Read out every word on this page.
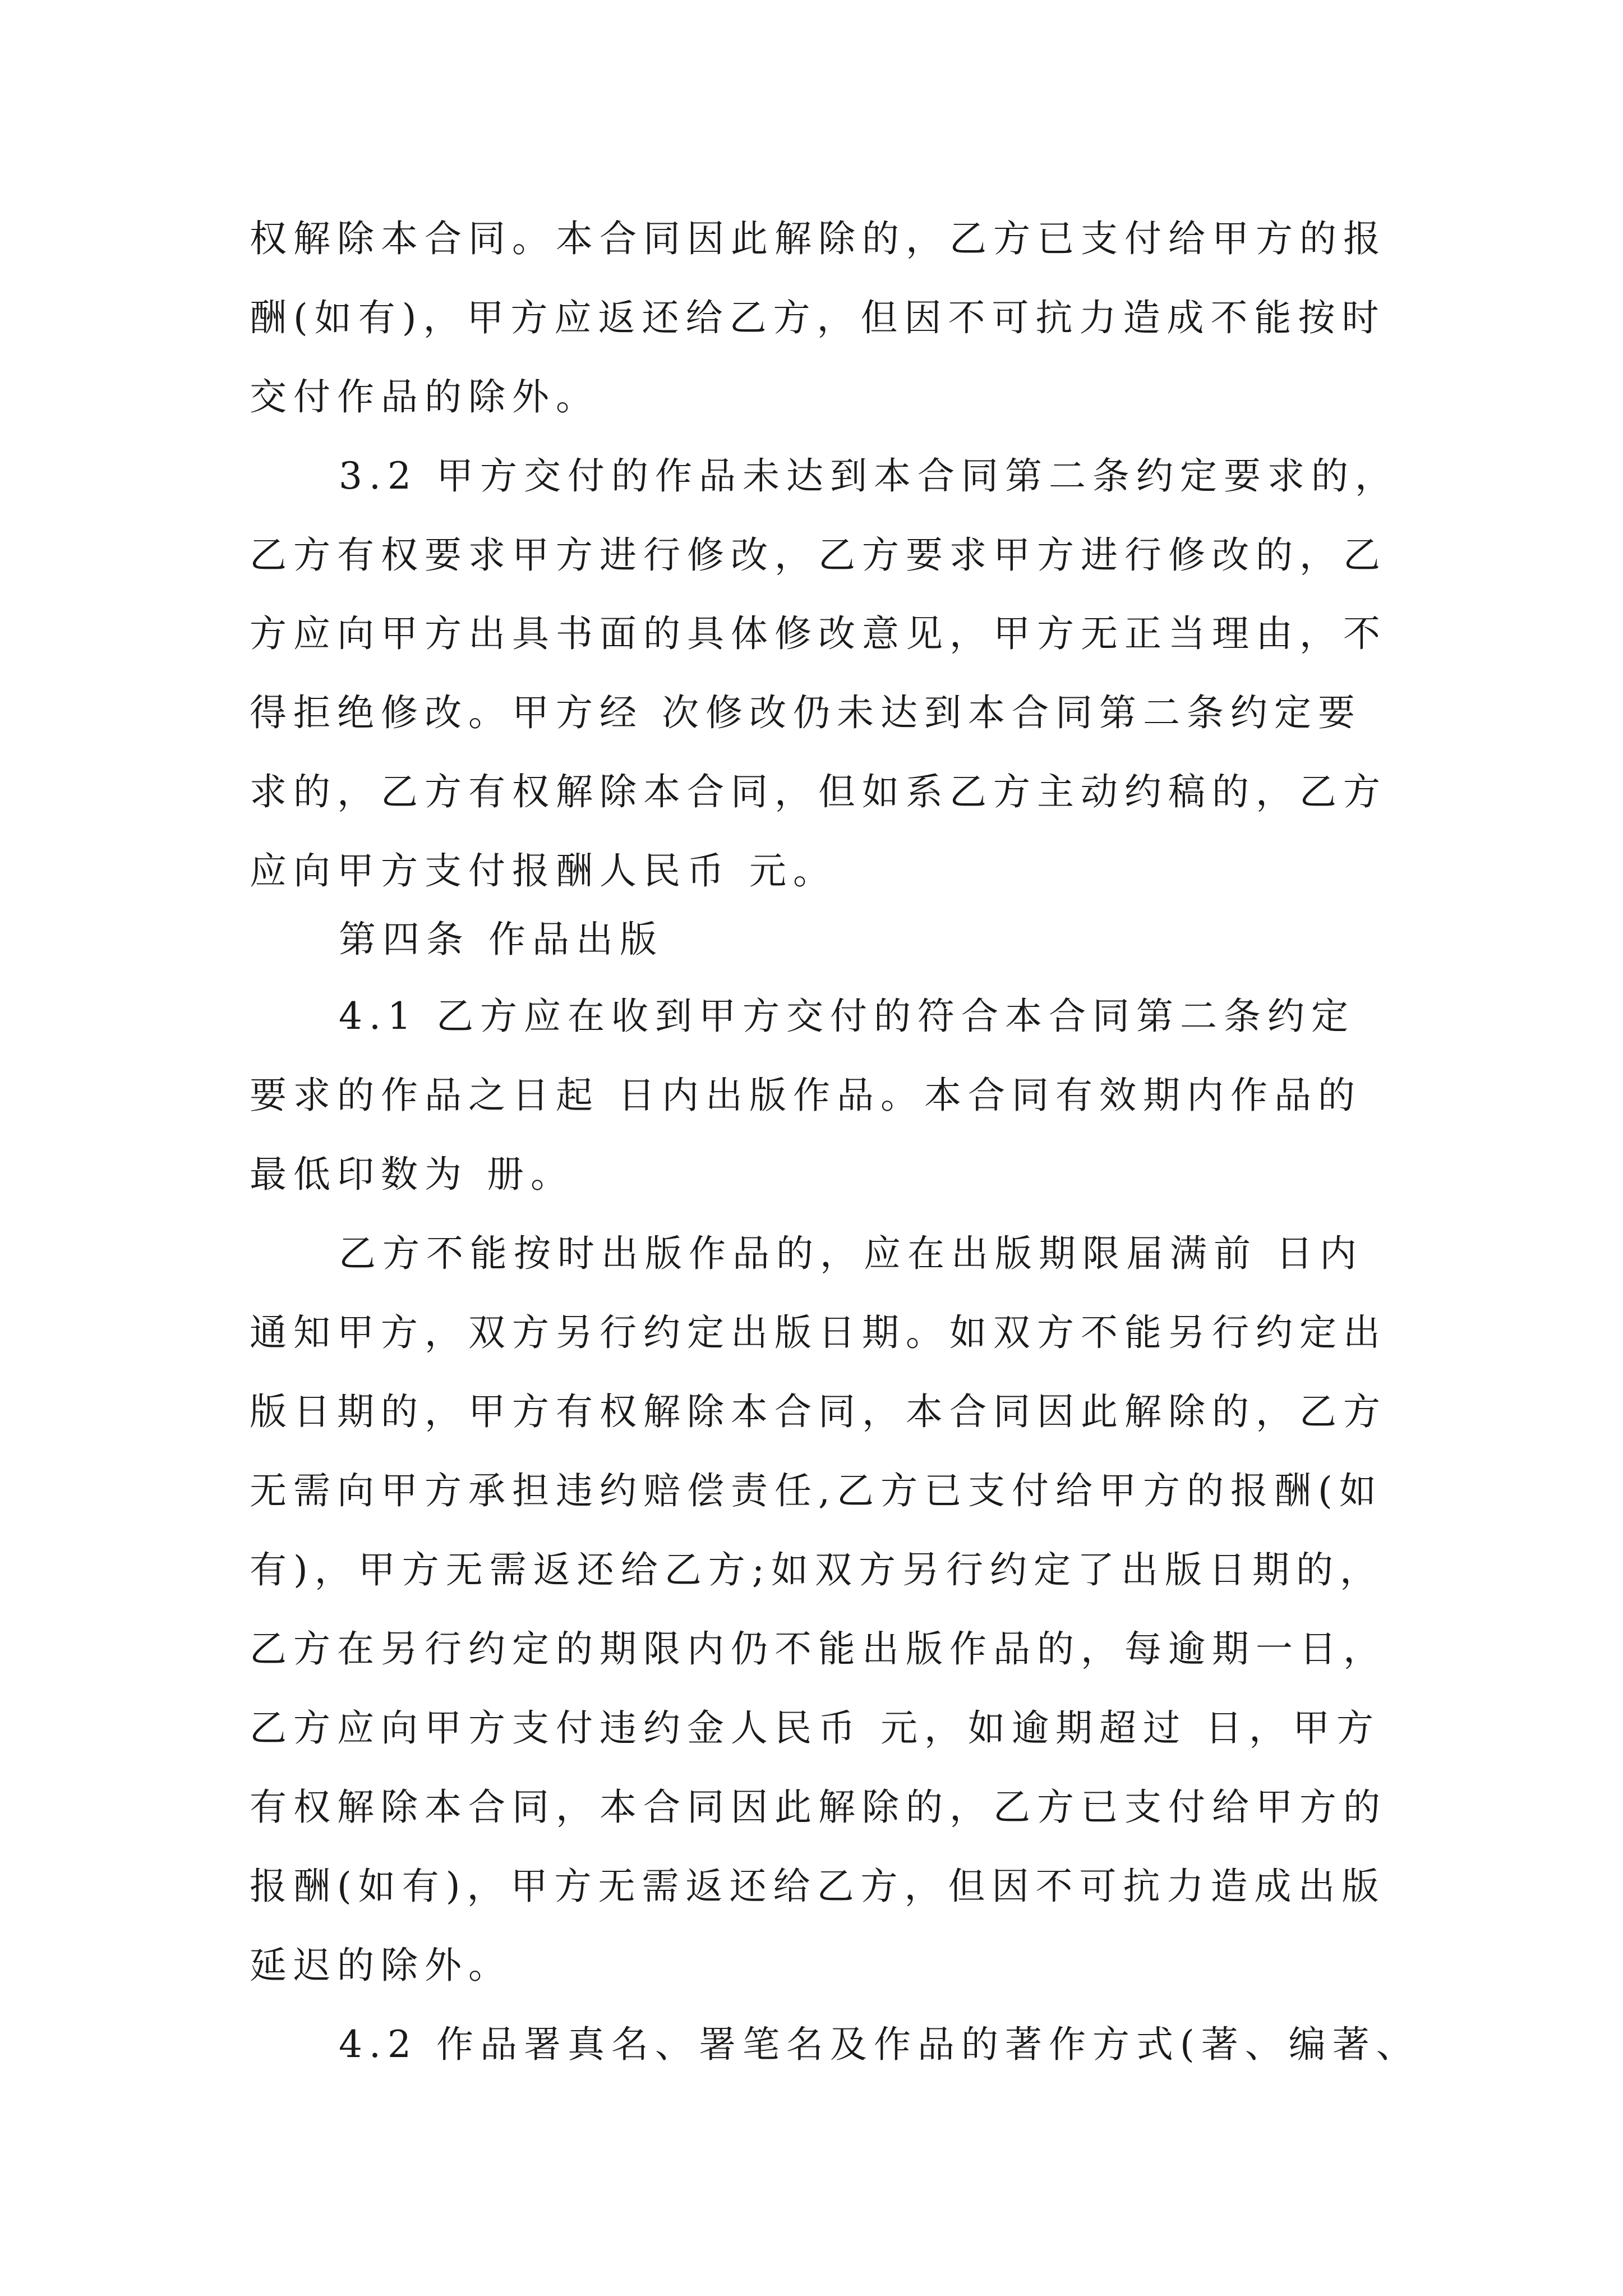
权解除本合同。本合同因此解除的，乙方已支付给甲方的报
酬(如有)，甲方应返还给乙方，但因不可抗力造成不能按时
交付作品的除外。
3.2 甲方交付的作品未达到本合同第二条约定要求的，
乙方有权要求甲方进行修改，乙方要求甲方进行修改的，乙
方应向甲方出具书面的具体修改意见，甲方无正当理由，不
得拒绝修改。甲方经 次修改仍未达到本合同第二条约定要
求的，乙方有权解除本合同，但如系乙方主动约稿的，乙方
应向甲方支付报酬人民币 元。
第四条 作品出版
4.1 乙方应在收到甲方交付的符合本合同第二条约定
要求的作品之日起 日内出版作品。本合同有效期内作品的
最低印数为 册。
乙方不能按时出版作品的，应在出版期限届满前 日内
通知甲方，双方另行约定出版日期。如双方不能另行约定出
版日期的，甲方有权解除本合同，本合同因此解除的，乙方
无需向甲方承担违约赔偿责任,乙方已支付给甲方的报酬(如
有)，甲方无需返还给乙方;如双方另行约定了出版日期的，
乙方在另行约定的期限内仍不能出版作品的，每逾期一日，
乙方应向甲方支付违约金人民币 元，如逾期超过 日，甲方
有权解除本合同，本合同因此解除的，乙方已支付给甲方的
报酬(如有)，甲方无需返还给乙方，但因不可抗力造成出版
延迟的除外。
4.2 作品署真名、署笔名及作品的著作方式(著、编著、
